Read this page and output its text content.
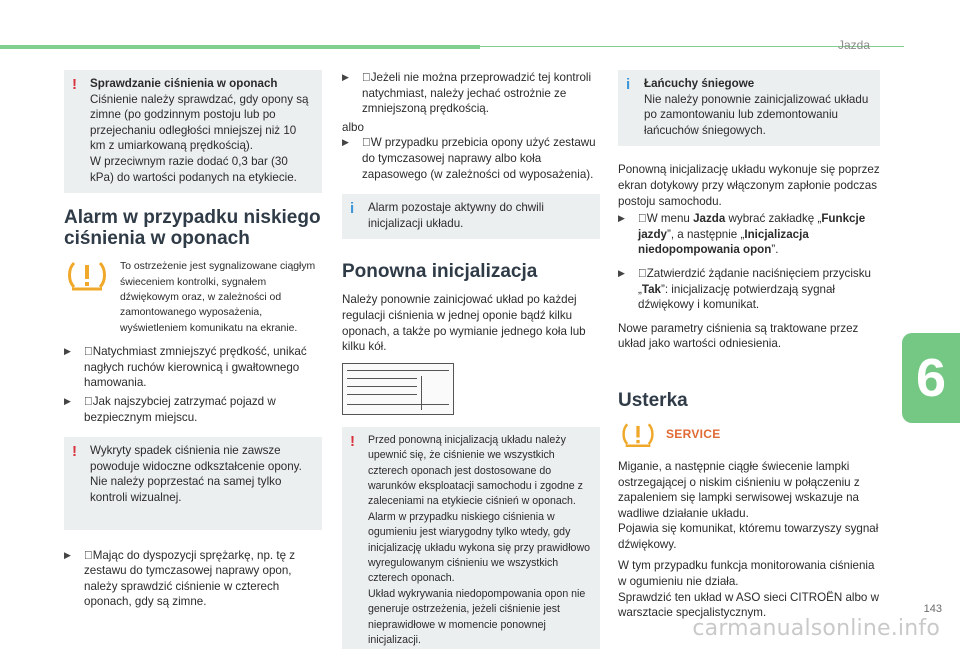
Jazda
6
143
carmanualsonline.info
! Sprawdzanie ciśnienia w oponach
Ciśnienie należy sprawdzać, gdy opony są zimne (po godzinnym postoju lub po przejechaniu odległości mniejszej niż 10 km z umiarkowaną prędkością).
W przeciwnym razie dodać 0,3 bar (30 kPa) do wartości podanych na etykiecie.
Alarm w przypadku niskiego ciśnienia w oponach
To ostrzeżenie jest sygnalizowane ciągłym świeceniem kontrolki, sygnałem dźwiękowym oraz, w zależności od zamontowanego wyposażenia, wyświetleniem komunikatu na ekranie.
▶ Natychmiast zmniejszyć prędkość, unikać nagłych ruchów kierownicą i gwałtownego hamowania.
▶ Jak najszybciej zatrzymać pojazd w bezpiecznym miejscu.
! Wykryty spadek ciśnienia nie zawsze powoduje widoczne odkształcenie opony. Nie należy poprzestać na samej tylko kontroli wizualnej.
▶ Mając do dyspozycji sprężarkę, np. tę z zestawu do tymczasowej naprawy opon, należy sprawdzić ciśnienie w czterech oponach, gdy są zimne.
▶ Jeżeli nie można przeprowadzić tej kontroli natychmiast, należy jechać ostrożnie ze zmniejszoną prędkością.
albo
▶ W przypadku przebicia opony użyć zestawu do tymczasowej naprawy albo koła zapasowego (w zależności od wyposażenia).
i Alarm pozostaje aktywny do chwili inicjalizacji układu.
Ponowna inicjalizacja

Należy ponownie zainicjować układ po każdej regulacji ciśnienia w jednej oponie bądź kilku oponach, a także po wymianie jednego koła lub kilku kół.

! Przed ponowną inicjalizacją układu należy upewnić się, że ciśnienie we wszystkich czterech oponach jest dostosowane do warunków eksploatacji samochodu i zgodne z zaleceniami na etykiecie ciśnień w oponach.
Alarm w przypadku niskiego ciśnienia w ogumieniu jest wiarygodny tylko wtedy, gdy inicjalizację układu wykona się przy prawidłowo wyregulowanym ciśnieniu we wszystkich czterech oponach.
Układ wykrywania niedopompowania opon nie generuje ostrzeżenia, jeżeli ciśnienie jest nieprawidłowe w momencie ponownej inicjalizacji.
i Łańcuchy śniegowe
Nie należy ponownie zainicjalizować układu po zamontowaniu lub zdemontowaniu łańcuchów śniegowych.

Ponowną inicjalizację układu wykonuje się poprzez ekran dotykowy przy włączonym zapłonie podczas postoju samochodu.

▶ W menu Jazda wybrać zakładkę „Funkcje jazdy”, a następnie „Inicjalizacja niedopompowania opon”.
▶ Zatwierdzić żądanie naciśnięciem przycisku „Tak”: inicjalizację potwierdzają sygnał dźwiękowy i komunikat.

Nowe parametry ciśnienia są traktowane przez układ jako wartości odniesienia.

Usterka
SERVICE
Miganie, a następnie ciągłe świecenie lampki ostrzegającej o niskim ciśnieniu w połączeniu z zapaleniem się lampki serwisowej wskazuje na wadliwe działanie układu.
Pojawia się komunikat, któremu towarzyszy sygnał dźwiękowy.
W tym przypadku funkcja monitorowania ciśnienia w ogumieniu nie działa.
Sprawdzić ten układ w ASO sieci CITROËN albo w warsztacie specjalistycznym.
